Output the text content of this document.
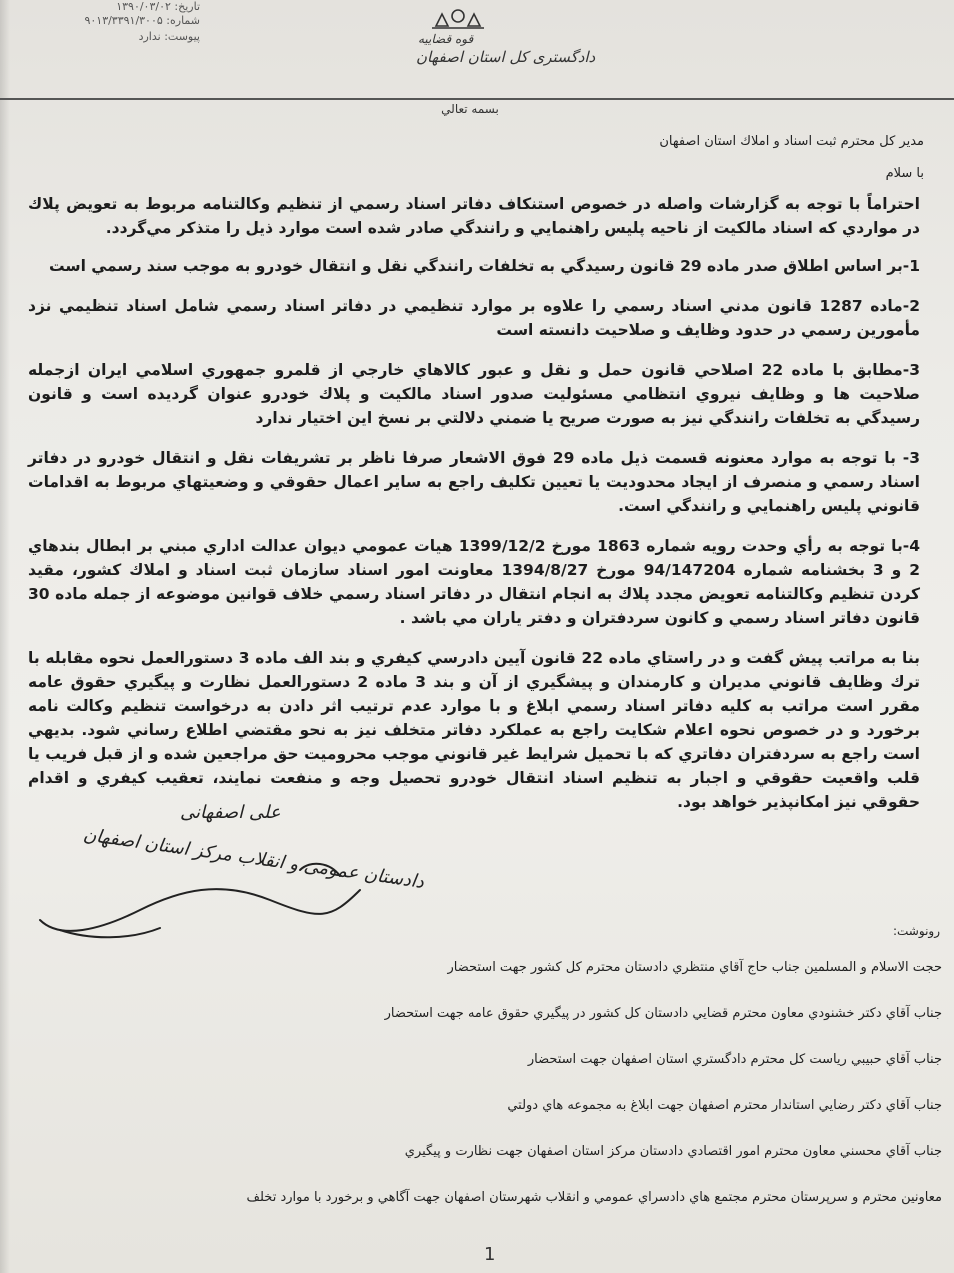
قوه قضاییه
دادگستری کل استان اصفهان
تاریخ: ۱۳۹۰/۰۳/۰۲
شماره: ۹۰۱۳/۳۳۹۱/۳۰۰۵
پیوست: ندارد
بسمه تعالي
مدير كل محترم ثبت اسناد و املاك استان اصفهان
با سلام

احتراماً با توجه به گزارشات واصله در خصوص استنكاف دفاتر اسناد رسمي از تنظيم وكالتنامه مربوط به تعويض پلاك در مواردي كه اسناد مالكيت از ناحيه پليس راهنمايي و رانندگي صادر شده است موارد ذيل را متذكر مي‌گردد.

1-بر اساس اطلاق صدر ماده 29 قانون رسيدگي به تخلفات رانندگي نقل و انتقال خودرو به موجب سند رسمي است

2-ماده 1287 قانون مدني اسناد رسمي را علاوه بر موارد تنظيمي در دفاتر اسناد رسمي شامل اسناد تنظيمي نزد مأمورين رسمي در حدود وظايف و صلاحيت دانسته است

3-مطابق با ماده 22 اصلاحي قانون حمل و نقل و عبور كالاهاي خارجي از قلمرو جمهوري اسلامي ايران ازجمله صلاحيت ها و وظايف نيروي انتظامي مسئوليت صدور اسناد مالكيت و پلاك خودرو عنوان گرديده است و قانون رسيدگي به تخلفات رانندگي نيز به صورت صريح يا ضمني دلالتي بر نسخ اين اختيار ندارد

3- با توجه به موارد معنونه قسمت ذيل ماده 29 فوق الاشعار صرفا ناظر بر تشريفات نقل و انتقال خودرو در دفاتر اسناد رسمي و منصرف از ايجاد محدوديت يا تعيين تكليف راجع به ساير اعمال حقوقي و وضعيتهاي مربوط به اقدامات قانوني پليس راهنمايي و رانندگي است.

4-با توجه به رأي وحدت رويه شماره 1863 مورخ 1399/12/2 هيات عمومي ديوان عدالت اداري مبني بر ابطال بندهاي 2 و 3 بخشنامه شماره 94/147204 مورخ 1394/8/27 معاونت امور اسناد سازمان ثبت اسناد و املاك كشور، مقيد كردن تنظيم وكالتنامه تعويض مجدد پلاك به انجام انتقال در دفاتر اسناد رسمي خلاف قوانين موضوعه از جمله ماده 30 قانون دفاتر اسناد رسمي و كانون سردفتران و دفتر ياران مي باشد .

بنا به مراتب پيش گفت و در راستاي ماده 22 قانون آيين دادرسي كيفري و بند الف ماده 3 دستورالعمل نحوه مقابله با ترك وظايف قانوني مديران و كارمندان و پيشگيري از آن و بند 3 ماده 2 دستورالعمل نظارت و پيگيري حقوق عامه مقرر است مراتب به كليه دفاتر اسناد رسمي ابلاغ و با موارد عدم ترتيب اثر دادن به درخواست تنظيم وكالت نامه برخورد و در خصوص نحوه اعلام شكايت راجع به عملكرد دفاتر متخلف نيز به نحو مقتضي اطلاع رساني شود. بديهي است راجع به سردفتران دفاتري كه با تحميل شرايط غير قانوني موجب محروميت حق مراجعين شده و از قبل فريب يا قلب واقعيت حقوقي و اجبار به تنظيم اسناد انتقال خودرو تحصيل وجه و منفعت نمايند، تعقيب كيفري و اقدام حقوقي نيز امكانپذير خواهد بود.

علی اصفهانی
دادستان عمومی و انقلاب مرکز استان اصفهان
رونوشت:

حجت الاسلام و المسلمين جناب حاج آقاي منتظري دادستان محترم كل كشور جهت استحضار

جناب آقاي دكتر خشنودي معاون محترم قضايي دادستان كل كشور در پيگيري حقوق عامه جهت استحضار

جناب آقاي حبيبي رياست كل محترم دادگستري استان اصفهان جهت استحضار

جناب آقاي دكتر رضايي استاندار محترم اصفهان جهت ابلاغ به مجموعه هاي دولتي

جناب آقاي محسني معاون محترم امور اقتصادي دادستان مركز استان اصفهان جهت نظارت و پيگيري

معاونين محترم و سرپرستان محترم مجتمع هاي دادسراي عمومي و انقلاب شهرستان اصفهان جهت آگاهي و برخورد با موارد تخلف

1
